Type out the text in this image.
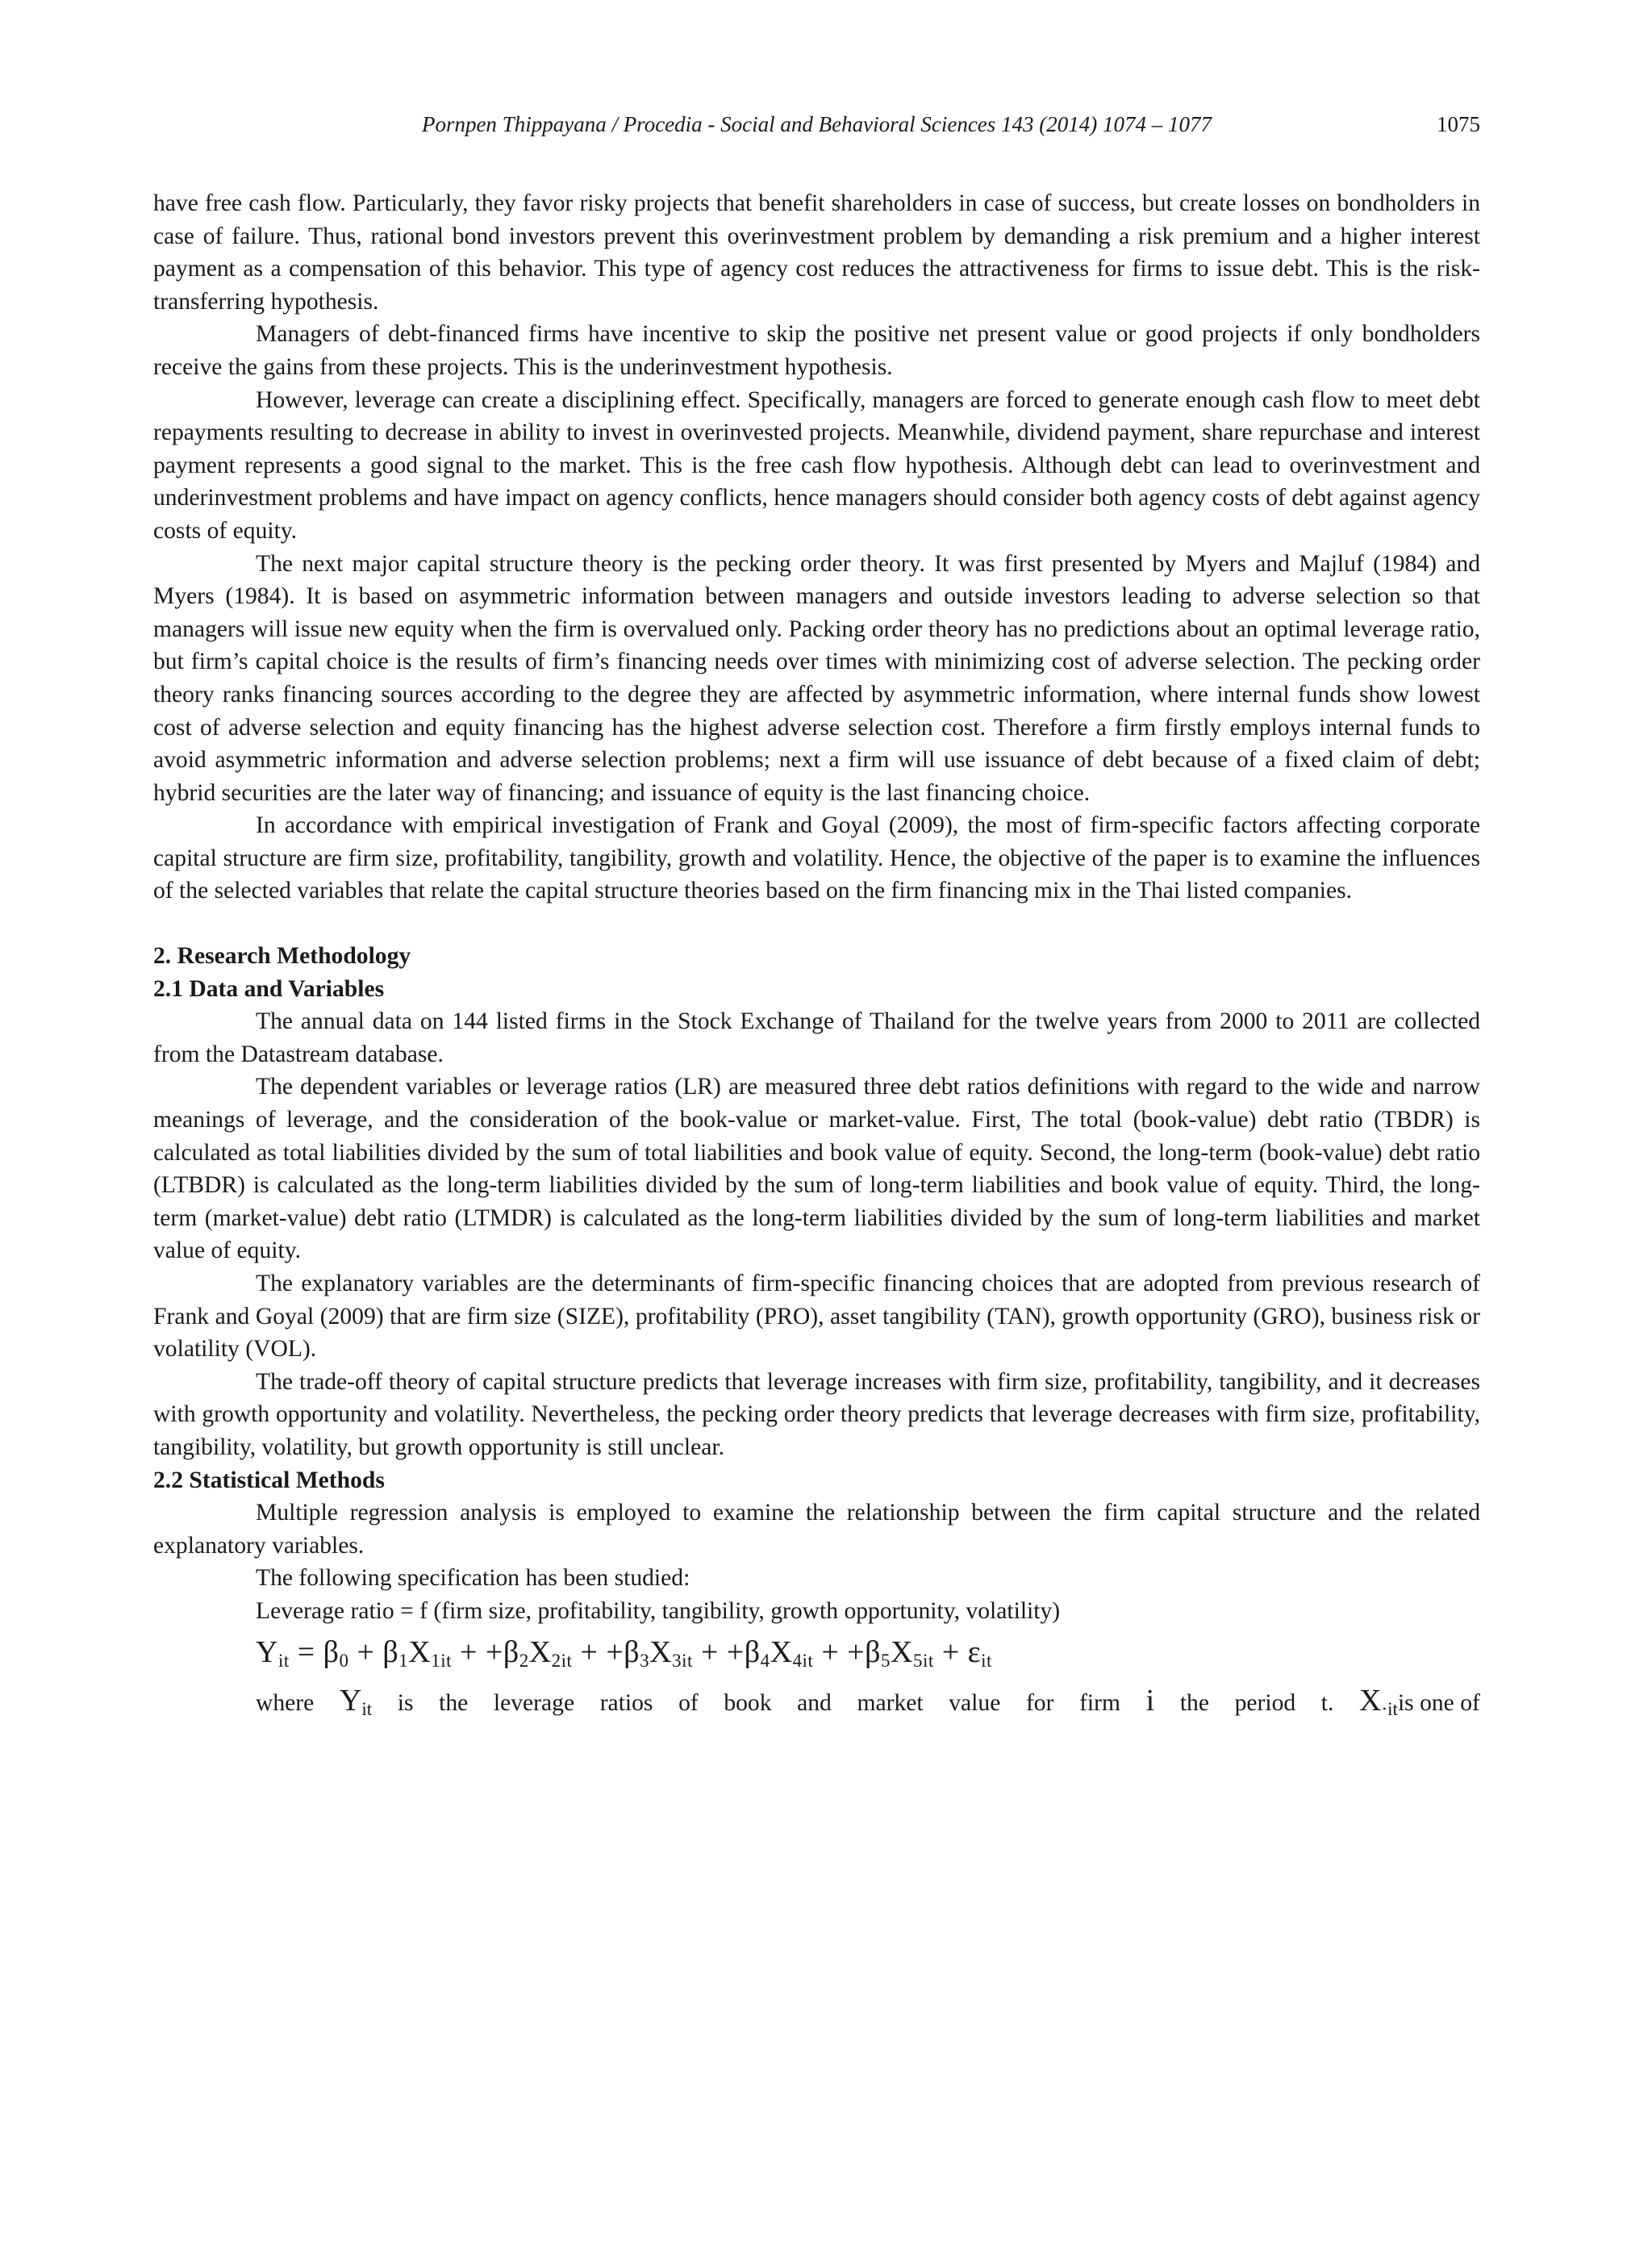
Pornpen Thippayana / Procedia - Social and Behavioral Sciences 143 (2014) 1074 – 1077	1075

have free cash flow. Particularly, they favor risky projects that benefit shareholders in case of success, but create losses on bondholders in case of failure. Thus, rational bond investors prevent this overinvestment problem by demanding a risk premium and a higher interest payment as a compensation of this behavior. This type of agency cost reduces the attractiveness for firms to issue debt. This is the risk-transferring hypothesis.

Managers of debt-financed firms have incentive to skip the positive net present value or good projects if only bondholders receive the gains from these projects. This is the underinvestment hypothesis.

However, leverage can create a disciplining effect. Specifically, managers are forced to generate enough cash flow to meet debt repayments resulting to decrease in ability to invest in overinvested projects. Meanwhile, dividend payment, share repurchase and interest payment represents a good signal to the market. This is the free cash flow hypothesis. Although debt can lead to overinvestment and underinvestment problems and have impact on agency conflicts, hence managers should consider both agency costs of debt against agency costs of equity.

The next major capital structure theory is the pecking order theory. It was first presented by Myers and Majluf (1984) and Myers (1984). It is based on asymmetric information between managers and outside investors leading to adverse selection so that managers will issue new equity when the firm is overvalued only. Packing order theory has no predictions about an optimal leverage ratio, but firm’s capital choice is the results of firm’s financing needs over times with minimizing cost of adverse selection. The pecking order theory ranks financing sources according to the degree they are affected by asymmetric information, where internal funds show lowest cost of adverse selection and equity financing has the highest adverse selection cost. Therefore a firm firstly employs internal funds to avoid asymmetric information and adverse selection problems; next a firm will use issuance of debt because of a fixed claim of debt; hybrid securities are the later way of financing; and issuance of equity is the last financing choice.

In accordance with empirical investigation of Frank and Goyal (2009), the most of firm-specific factors affecting corporate capital structure are firm size, profitability, tangibility, growth and volatility. Hence, the objective of the paper is to examine the influences of the selected variables that relate the capital structure theories based on the firm financing mix in the Thai listed companies.

2. Research Methodology
2.1 Data and Variables

The annual data on 144 listed firms in the Stock Exchange of Thailand for the twelve years from 2000 to 2011 are collected from the Datastream database.

The dependent variables or leverage ratios (LR) are measured three debt ratios definitions with regard to the wide and narrow meanings of leverage, and the consideration of the book-value or market-value. First, The total (book-value) debt ratio (TBDR) is calculated as total liabilities divided by the sum of total liabilities and book value of equity. Second, the long-term (book-value) debt ratio (LTBDR) is calculated as the long-term liabilities divided by the sum of long-term liabilities and book value of equity. Third, the long-term (market-value) debt ratio (LTMDR) is calculated as the long-term liabilities divided by the sum of long-term liabilities and market value of equity.

The explanatory variables are the determinants of firm-specific financing choices that are adopted from previous research of Frank and Goyal (2009) that are firm size (SIZE), profitability (PRO), asset tangibility (TAN), growth opportunity (GRO), business risk or volatility (VOL).

The trade-off theory of capital structure predicts that leverage increases with firm size, profitability, tangibility, and it decreases with growth opportunity and volatility. Nevertheless, the pecking order theory predicts that leverage decreases with firm size, profitability, tangibility, volatility, but growth opportunity is still unclear.

2.2 Statistical Methods

Multiple regression analysis is employed to examine the relationship between the firm capital structure and the related explanatory variables.

The following specification has been studied:

Leverage ratio = f (firm size, profitability, tangibility, growth opportunity, volatility)

$Y_{it} = \beta_0 + \beta_1X_{1it} + +\beta_2X_{2it} + +\beta_3X_{3it} + +\beta_4X_{4it} + +\beta_5X_{5it} + \varepsilon_{it}$
where $Y_{it}$ is the leverage ratios of book and market value for firm i the period t. $X_{\cdot it}is$ one of
